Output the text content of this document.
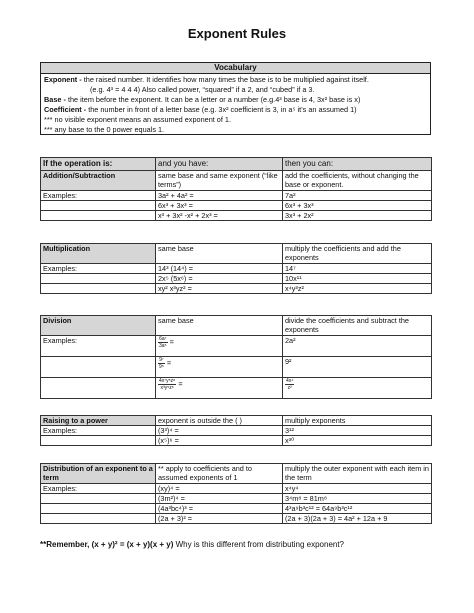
Exponent Rules
Vocabulary
Exponent - the raised number. It identifies how many times the base is to be multiplied against itself.
(e.g. 4³ = 4 4 4) Also called power, “squared” if a 2, and “cubed” if a 3.
Base - the item before the exponent. It can be a letter or a number (e.g.4³ base is 4, 3x² base is x)
Coefficient - the number in front of a letter base (e.g. 3x² coefficient is 3, in a⁵ it’s an assumed 1)
*** no visible exponent means an assumed exponent of 1.
*** any base to the 0 power equals 1.
If the operation is:	and you have:	then you can:
Addition/Subtraction	same base and same exponent (“like terms”)	add the coefficients, without changing the base or exponent.
Examples:	3a² + 4a² =	7a²
	6x³ + 3x³ =	6x³ + 3x³
	x³ + 3x² -x² + 2x³ =	3x³ + 2x²
Multiplication	same base	multiply the coefficients and add the exponents
Examples:	14³ (14⁴) =	14⁷
	2x⁵ (5x⁶) =	10x¹¹
	xy² x³yz² =	x⁴y³z²
Division	same base	divide the coefficients and subtract the exponents
Examples:	$\frac{\text{6a⁷}}{\text{3a⁵}}$ =	2a²

	$\frac{\text{9⁷}}{\text{9⁵}}$ =	9²

	$\frac{\text{4x⁷y⁵z⁸}}{\text{x³y⁵z⁶}}$ =	$\frac{\text{4x⁴}}{\text{z²}}$
Raising to a power	exponent is outside the ( )	multiply exponents
Examples:	(3³)⁴ =	3¹²
	(x⁵)⁶ =	x³⁰
Distribution of an exponent to a term	** apply to coefficients and to assumed exponents of 1	multiply the outer exponent with each item in the term
Examples:	(xy)⁴ =	x⁴y⁴
	(3m²)⁴ =	3⁴m⁸ = 81m⁸
	(4a³bc⁴)³ =	4³a⁹b³c¹² = 64a⁹b³c¹²
	(2a + 3)² =	(2a + 3)(2a + 3) = 4a² + 12a + 9
**Remember, (x + y)² = (x + y)(x + y) Why is this different from distributing exponent?
